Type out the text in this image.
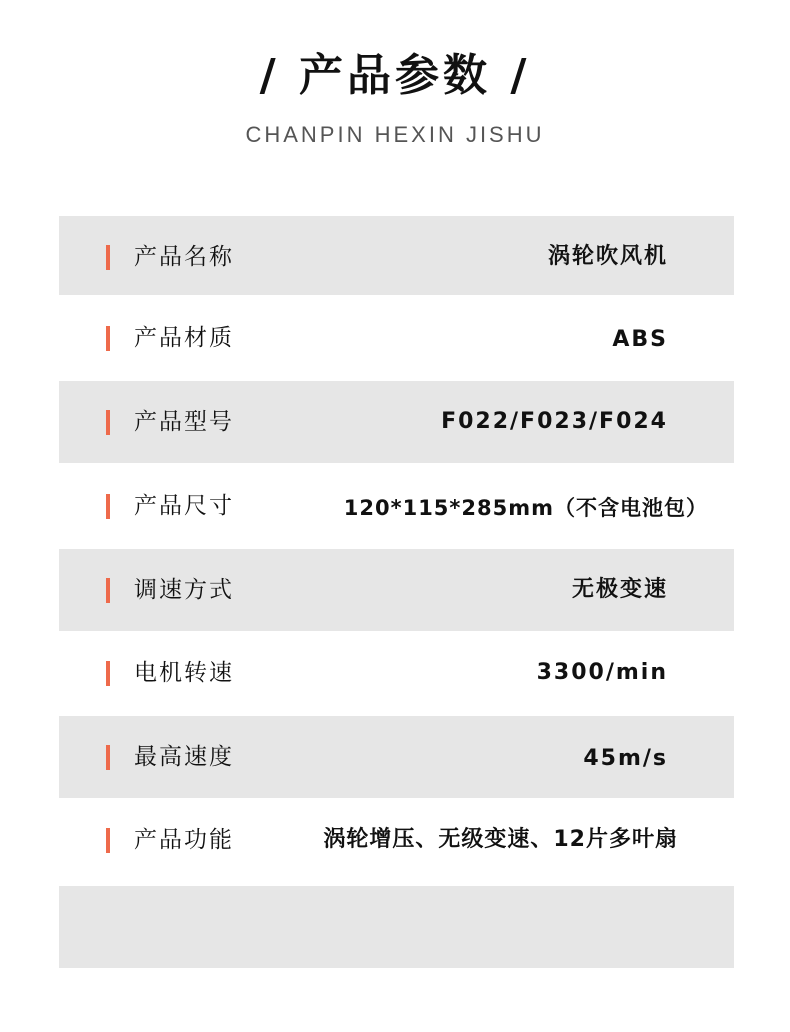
/ 产品参数 /
CHANPIN HEXIN JISHU
产品名称	涡轮吹风机
产品材质	ABS
产品型号	F022/F023/F024
产品尺寸	120*115*285mm（不含电池包）
调速方式	无极变速
电机转速	3300/min
最高速度	45m/s
产品功能	涡轮增压、无级变速、12片多叶扇
